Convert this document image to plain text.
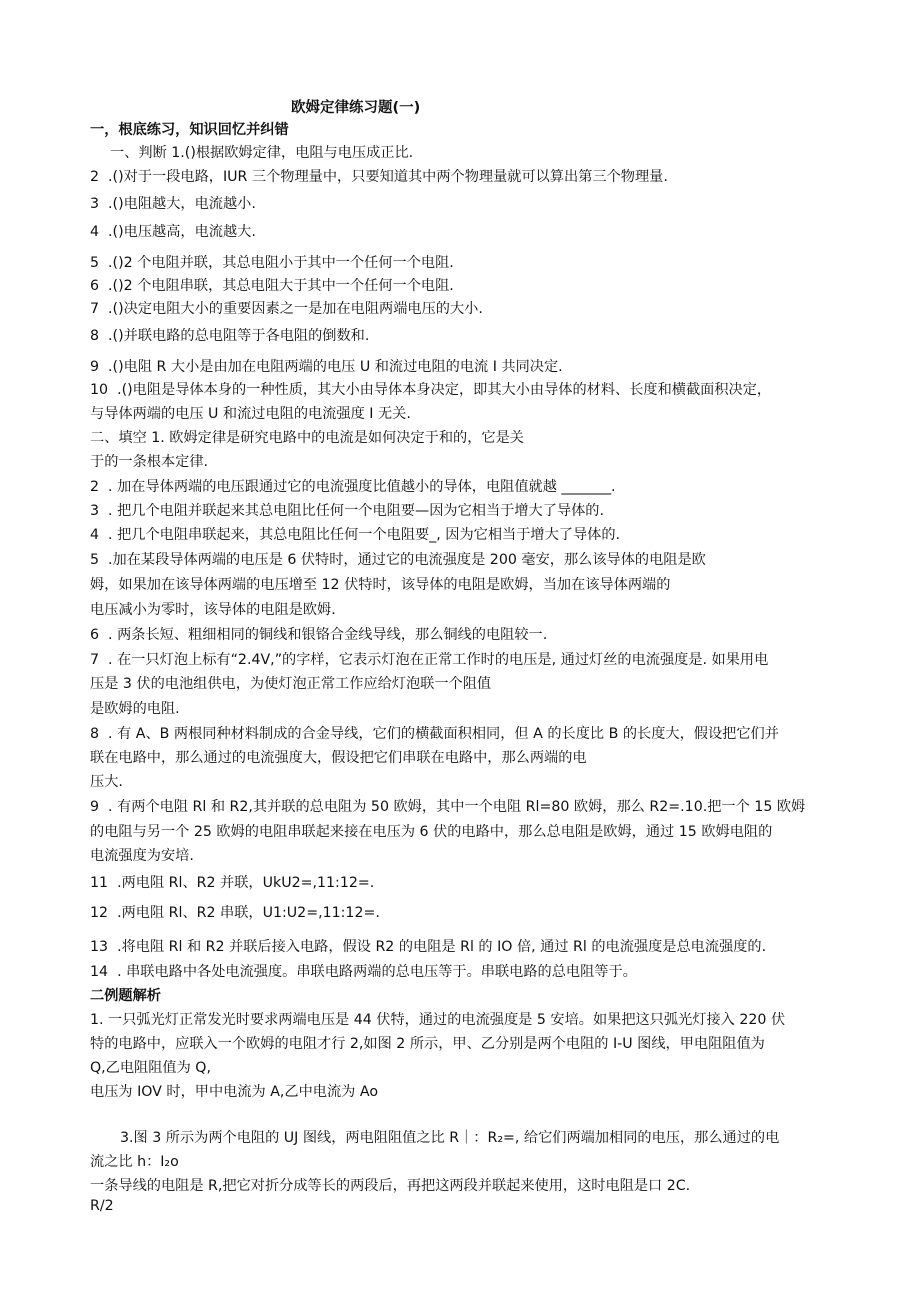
欧姆定律练习题(一)
一，根底练习，知识回忆并纠错
一、判断 1.()根据欧姆定律，电阻与电压成正比.
2  .()对于一段电路，IUR 三个物理量中，只要知道其中两个物理量就可以算出第三个物理量.
3  .()电阻越大，电流越小.
4  .()电压越高，电流越大.
5  .()2 个电阻并联，其总电阻小于其中一个任何一个电阻.
6  .()2 个电阻串联，其总电阻大于其中一个任何一个电阻.
7  .()决定电阻大小的重要因素之一是加在电阻两端电压的大小.
8  .()并联电路的总电阻等于各电阻的倒数和.
9  .()电阻 R 大小是由加在电阻两端的电压 U 和流过电阻的电流 I 共同决定.
10  .()电阻是导体本身的一种性质，其大小由导体本身决定，即其大小由导体的材料、长度和横截面积决定，
与导体两端的电压 U 和流过电阻的电流强度 I 无关.
二、填空 1. 欧姆定律是研究电路中的电流是如何决定于和的，它是关
于的一条根本定律.
2  . 加在导体两端的电压跟通过它的电流强度比值越小的导体，电阻值就越 _______.
3  . 把几个电阻并联起来其总电阻比任何一个电阻要—因为它相当于增大了导体的.
4  . 把几个电阻串联起来，其总电阻比任何一个电阻要_, 因为它相当于增大了导体的.
5  .加在某段导体两端的电压是 6 伏特时，通过它的电流强度是 200 毫安，那么该导体的电阻是欧
姆，如果加在该导体两端的电压增至 12 伏特时，该导体的电阻是欧姆，当加在该导体两端的
电压减小为零时，该导体的电阻是欧姆.
6  . 两条长短、粗细相同的铜线和银铬合金线导线，那么铜线的电阻较一.
7  . 在一只灯泡上标有“2.4V,”的字样，它表示灯泡在正常工作时的电压是, 通过灯丝的电流强度是. 如果用电
压是 3 伏的电池组供电，为使灯泡正常工作应给灯泡联一个阻值
是欧姆的电阻.
8  . 有 A、B 两根同种材料制成的合金导线，它们的横截面积相同，但 A 的长度比 B 的长度大，假设把它们并
联在电路中，那么通过的电流强度大，假设把它们串联在电路中，那么两端的电
压大.
9  . 有两个电阻 Rl 和 R2,其并联的总电阻为 50 欧姆，其中一个电阻 Rl=80 欧姆，那么 R2=.10.把一个 15 欧姆
的电阻与另一个 25 欧姆的电阻串联起来接在电压为 6 伏的电路中，那么总电阻是欧姆，通过 15 欧姆电阻的
电流强度为安培.
11  .两电阻 Rl、R2 并联，UkU2=,11:12=.
12  .两电阻 Rl、R2 串联，U1:U2=,11:12=.
13  .将电阻 Rl 和 R2 并联后接入电路，假设 R2 的电阻是 Rl 的 IO 倍, 通过 Rl 的电流强度是总电流强度的.
14  . 串联电路中各处电流强度。串联电路两端的总电压等于。串联电路的总电阻等于。
二例题解析
1. 一只弧光灯正常发光时要求两端电压是 44 伏特，通过的电流强度是 5 安培。如果把这只弧光灯接入 220 伏
特的电路中，应联入一个欧姆的电阻才行 2,如图 2 所示，甲、乙分别是两个电阻的 I-U 图线，甲电阻阻值为
Q,乙电阻阻值为 Q,
电压为 IOV 时，甲中电流为 A,乙中电流为 Ao
3.图 3 所示为两个电阻的 UJ 图线，两电阻阻值之比 R｜：R₂=, 给它们两端加相同的电压，那么通过的电
流之比 h：I₂o
一条导线的电阻是 R,把它对折分成等长的两段后，再把这两段并联起来使用，这时电阻是口 2C.
R/2
